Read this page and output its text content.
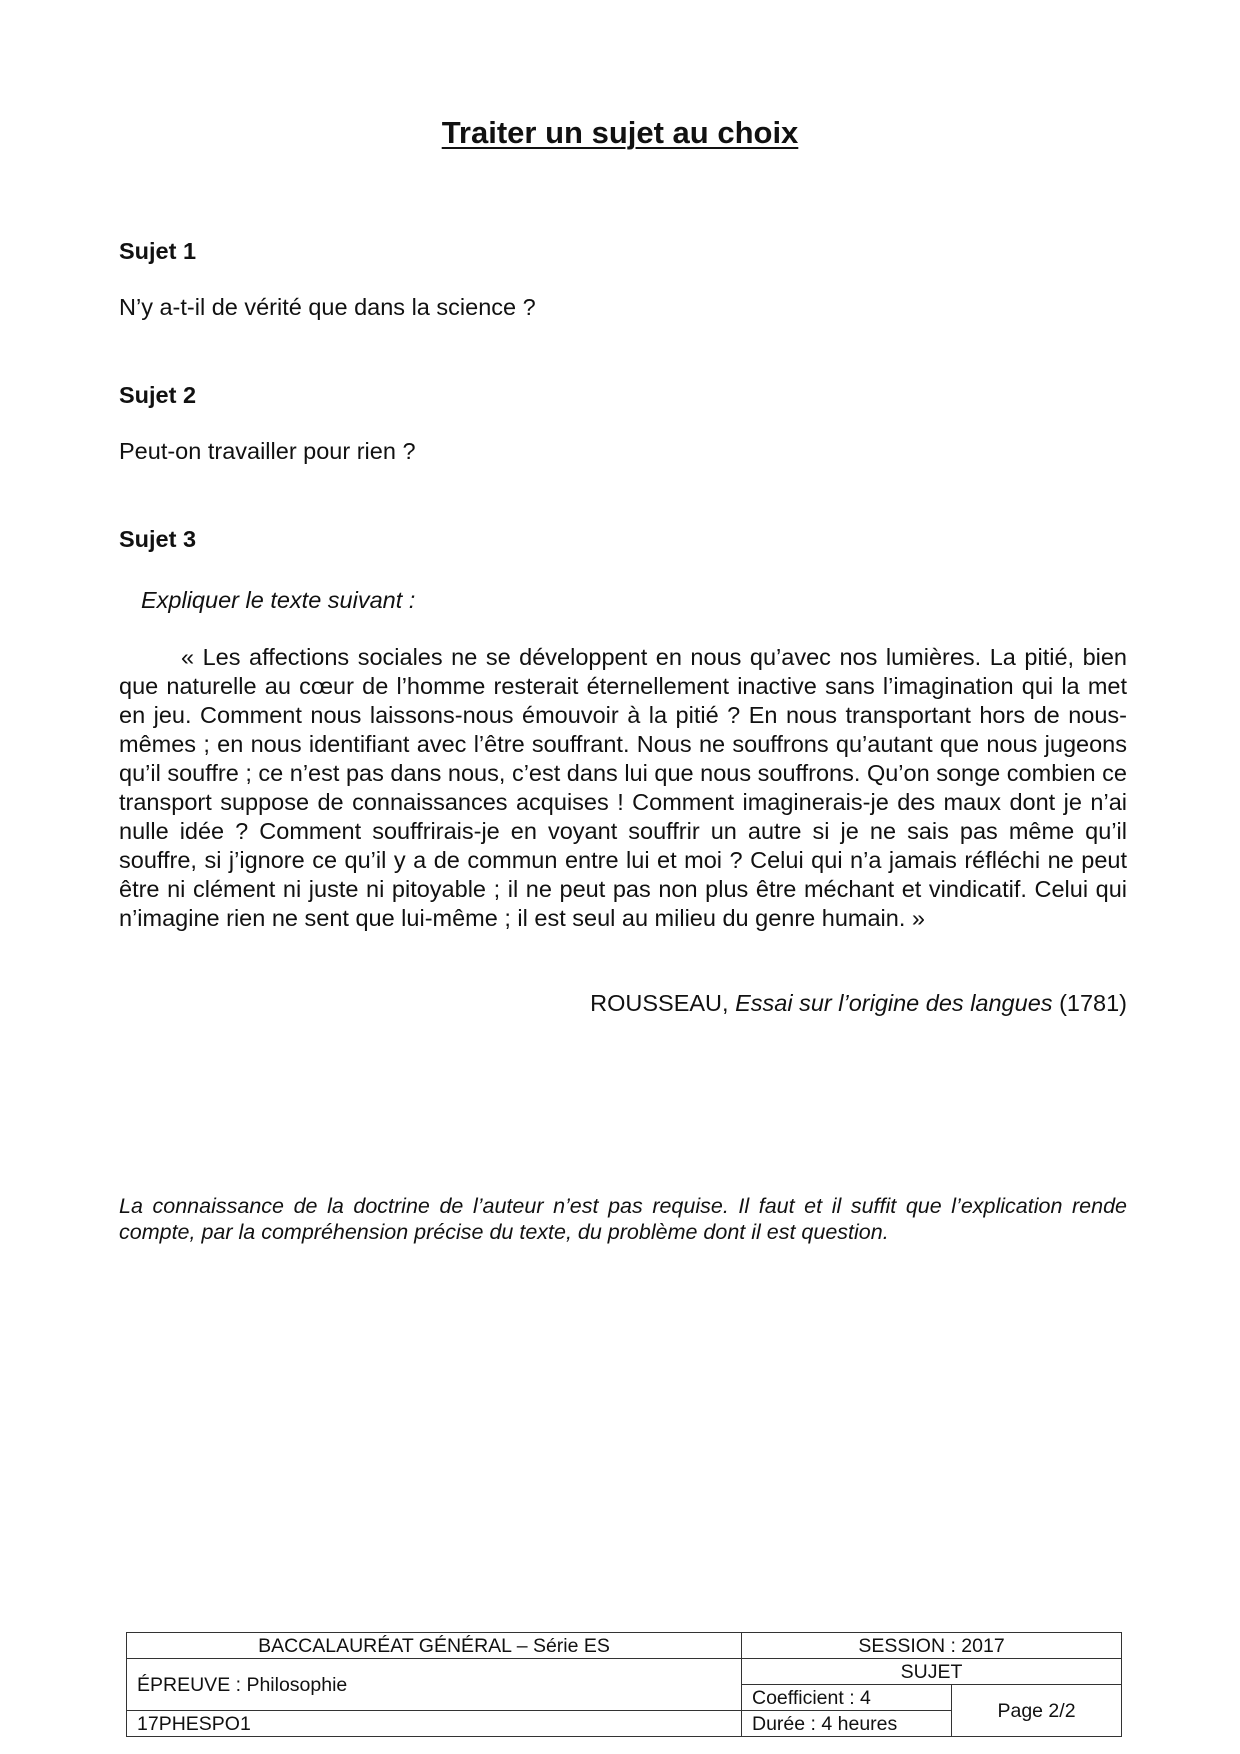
Traiter un sujet au choix
Sujet 1
N’y a-t-il de vérité que dans la science ?
Sujet 2
Peut-on travailler pour rien ?
Sujet 3
Expliquer le texte suivant :

« Les affections sociales ne se développent en nous qu’avec nos lumières. La pitié, bien que naturelle au cœur de l’homme resterait éternellement inactive sans l’imagination qui la met en jeu. Comment nous laissons-nous émouvoir à la pitié ? En nous transportant hors de nous-mêmes ; en nous identifiant avec l’être souffrant. Nous ne souffrons qu’autant que nous jugeons qu’il souffre ; ce n’est pas dans nous, c’est dans lui que nous souffrons. Qu’on songe combien ce transport suppose de connaissances acquises ! Comment imaginerais-je des maux dont je n’ai nulle idée ? Comment souffrirais-je en voyant souffrir un autre si je ne sais pas même qu’il souffre, si j’ignore ce qu’il y a de commun entre lui et moi ? Celui qui n’a jamais réfléchi ne peut être ni clément ni juste ni pitoyable ; il ne peut pas non plus être méchant et vindicatif. Celui qui n’imagine rien ne sent que lui-même ; il est seul au milieu du genre humain. »

ROUSSEAU, Essai sur l’origine des langues (1781)

La connaissance de la doctrine de l’auteur n’est pas requise. Il faut et il suffit que l’explication rende compte, par la compréhension précise du texte, du problème dont il est question.

BACCALAURÉAT GÉNÉRAL – Série ES	SESSION : 2017	
ÉPREUVE : Philosophie	SUJET	
	Coefficient : 4	Page 2/2
17PHESPO1	Durée : 4 heures	
